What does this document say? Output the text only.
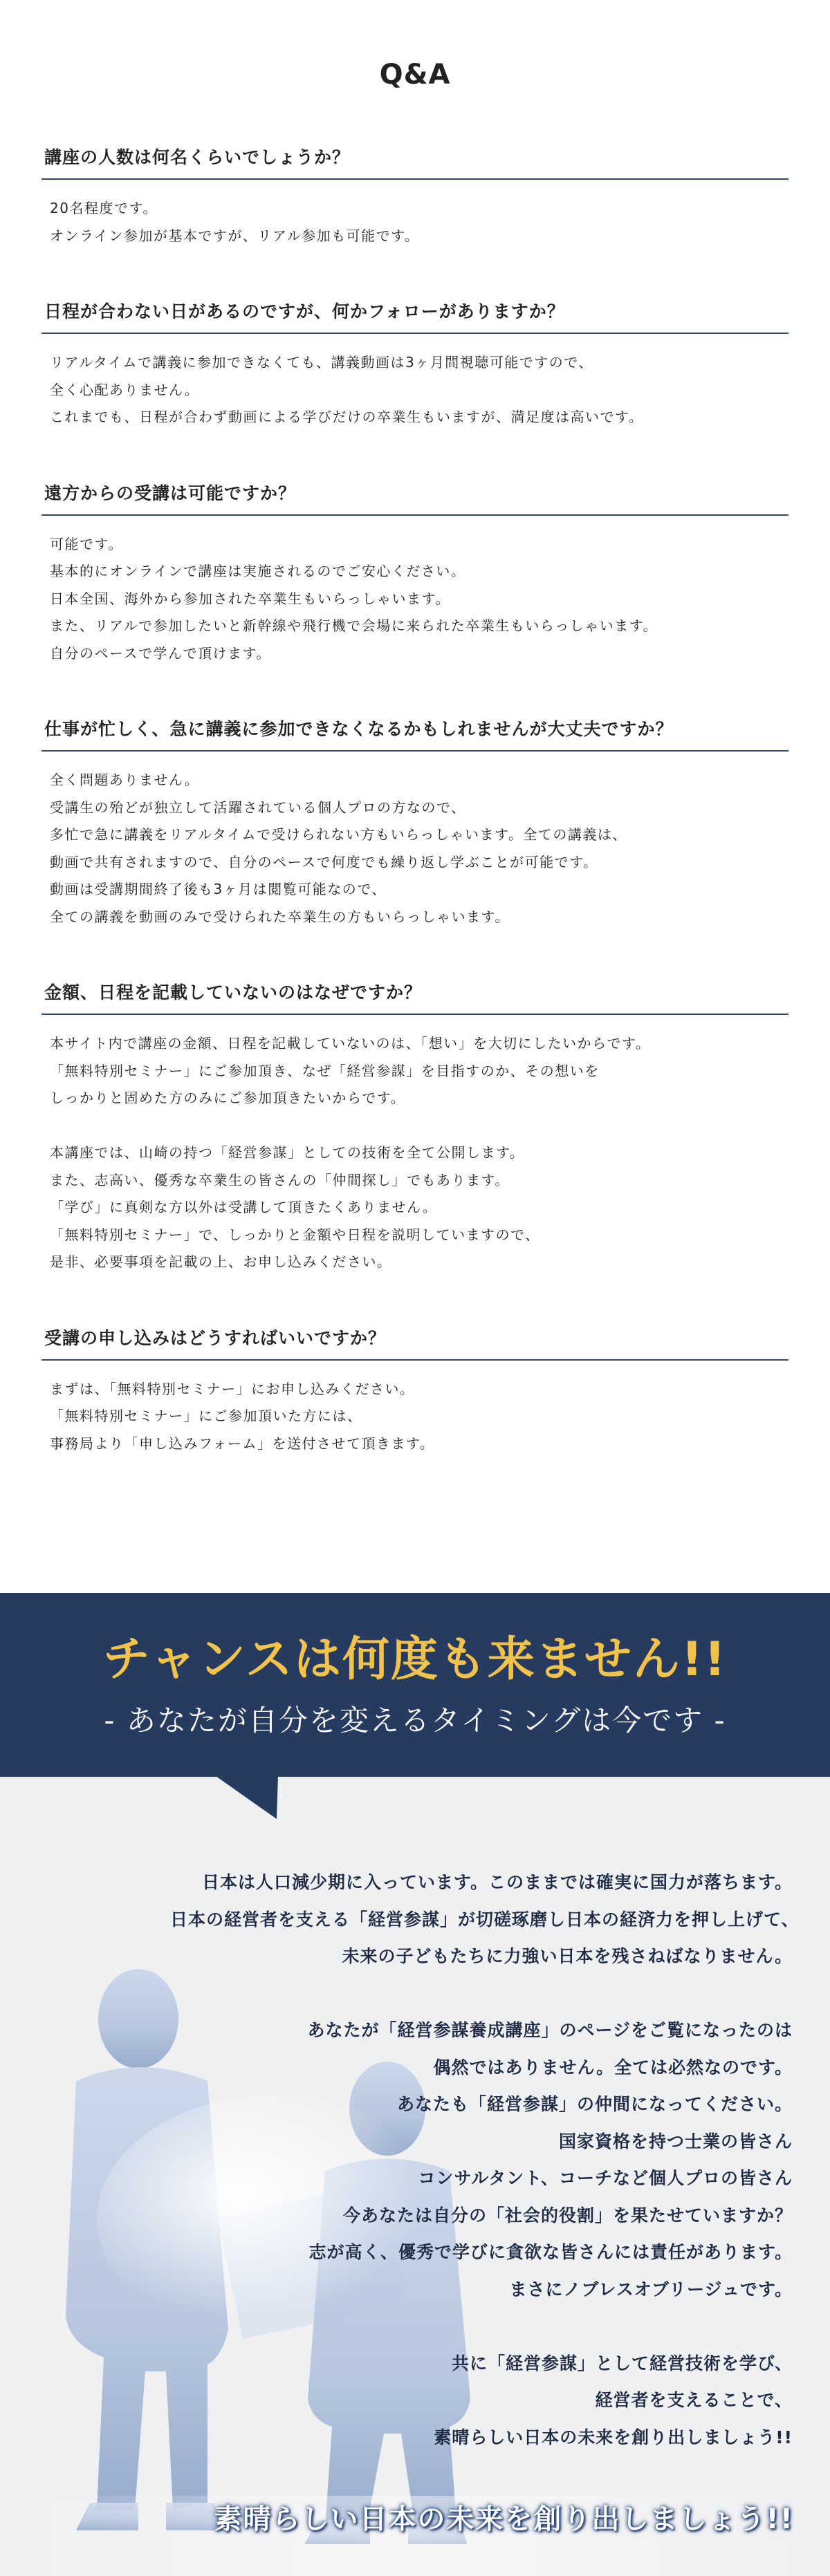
Q&A
講座の人数は何名くらいでしょうか？

20名程度です。
オンライン参加が基本ですが、リアル参加も可能です。

日程が合わない日があるのですが、何かフォローがありますか？

リアルタイムで講義に参加できなくても、講義動画は3ヶ月間視聴可能ですので、
全く心配ありません。
これまでも、日程が合わず動画による学びだけの卒業生もいますが、満足度は高いです。

遠方からの受講は可能ですか？

可能です。
基本的にオンラインで講座は実施されるのでご安心ください。
日本全国、海外から参加された卒業生もいらっしゃいます。
また、リアルで参加したいと新幹線や飛行機で会場に来られた卒業生もいらっしゃいます。
自分のペースで学んで頂けます。

仕事が忙しく、急に講義に参加できなくなるかもしれませんが大丈夫ですか？

全く問題ありません。
受講生の殆どが独立して活躍されている個人プロの方なので、
多忙で急に講義をリアルタイムで受けられない方もいらっしゃいます。全ての講義は、
動画で共有されますので、自分のペースで何度でも繰り返し学ぶことが可能です。
動画は受講期間終了後も3ヶ月は閲覧可能なので、
全ての講義を動画のみで受けられた卒業生の方もいらっしゃいます。

金額、日程を記載していないのはなぜですか？

本サイト内で講座の金額、日程を記載していないのは、「想い」を大切にしたいからです。
「無料特別セミナー」にご参加頂き、なぜ「経営参謀」を目指すのか、その想いを
しっかりと固めた方のみにご参加頂きたいからです。
本講座では、山崎の持つ「経営参謀」としての技術を全て公開します。
また、志高い、優秀な卒業生の皆さんの「仲間探し」でもあります。
「学び」に真剣な方以外は受講して頂きたくありません。
「無料特別セミナー」で、しっかりと金額や日程を説明していますので、
是非、必要事項を記載の上、お申し込みください。

受講の申し込みはどうすればいいですか？

まずは、「無料特別セミナー」にお申し込みください。
「無料特別セミナー」にご参加頂いた方には、
事務局より「申し込みフォーム」を送付させて頂きます。

チャンスは何度も来ません!!

- あなたが自分を変えるタイミングは今です -

日本は人口減少期に入っています。このままでは確実に国力が落ちます。
日本の経営者を支える「経営参謀」が切磋琢磨し日本の経済力を押し上げて、
未来の子どもたちに力強い日本を残さねばなりません。
あなたが「経営参謀養成講座」のページをご覧になったのは
偶然ではありません。全ては必然なのです。
あなたも「経営参謀」の仲間になってください。
国家資格を持つ士業の皆さん
コンサルタント、コーチなど個人プロの皆さん
今あなたは自分の「社会的役割」を果たせていますか？
志が高く、優秀で学びに貪欲な皆さんには責任があります。
まさにノブレスオブリージュです。
共に「経営参謀」として経営技術を学び、
経営者を支えることで、
素晴らしい日本の未来を創り出しましょう!!
素晴らしい日本の未来を創り出しましょう!!
